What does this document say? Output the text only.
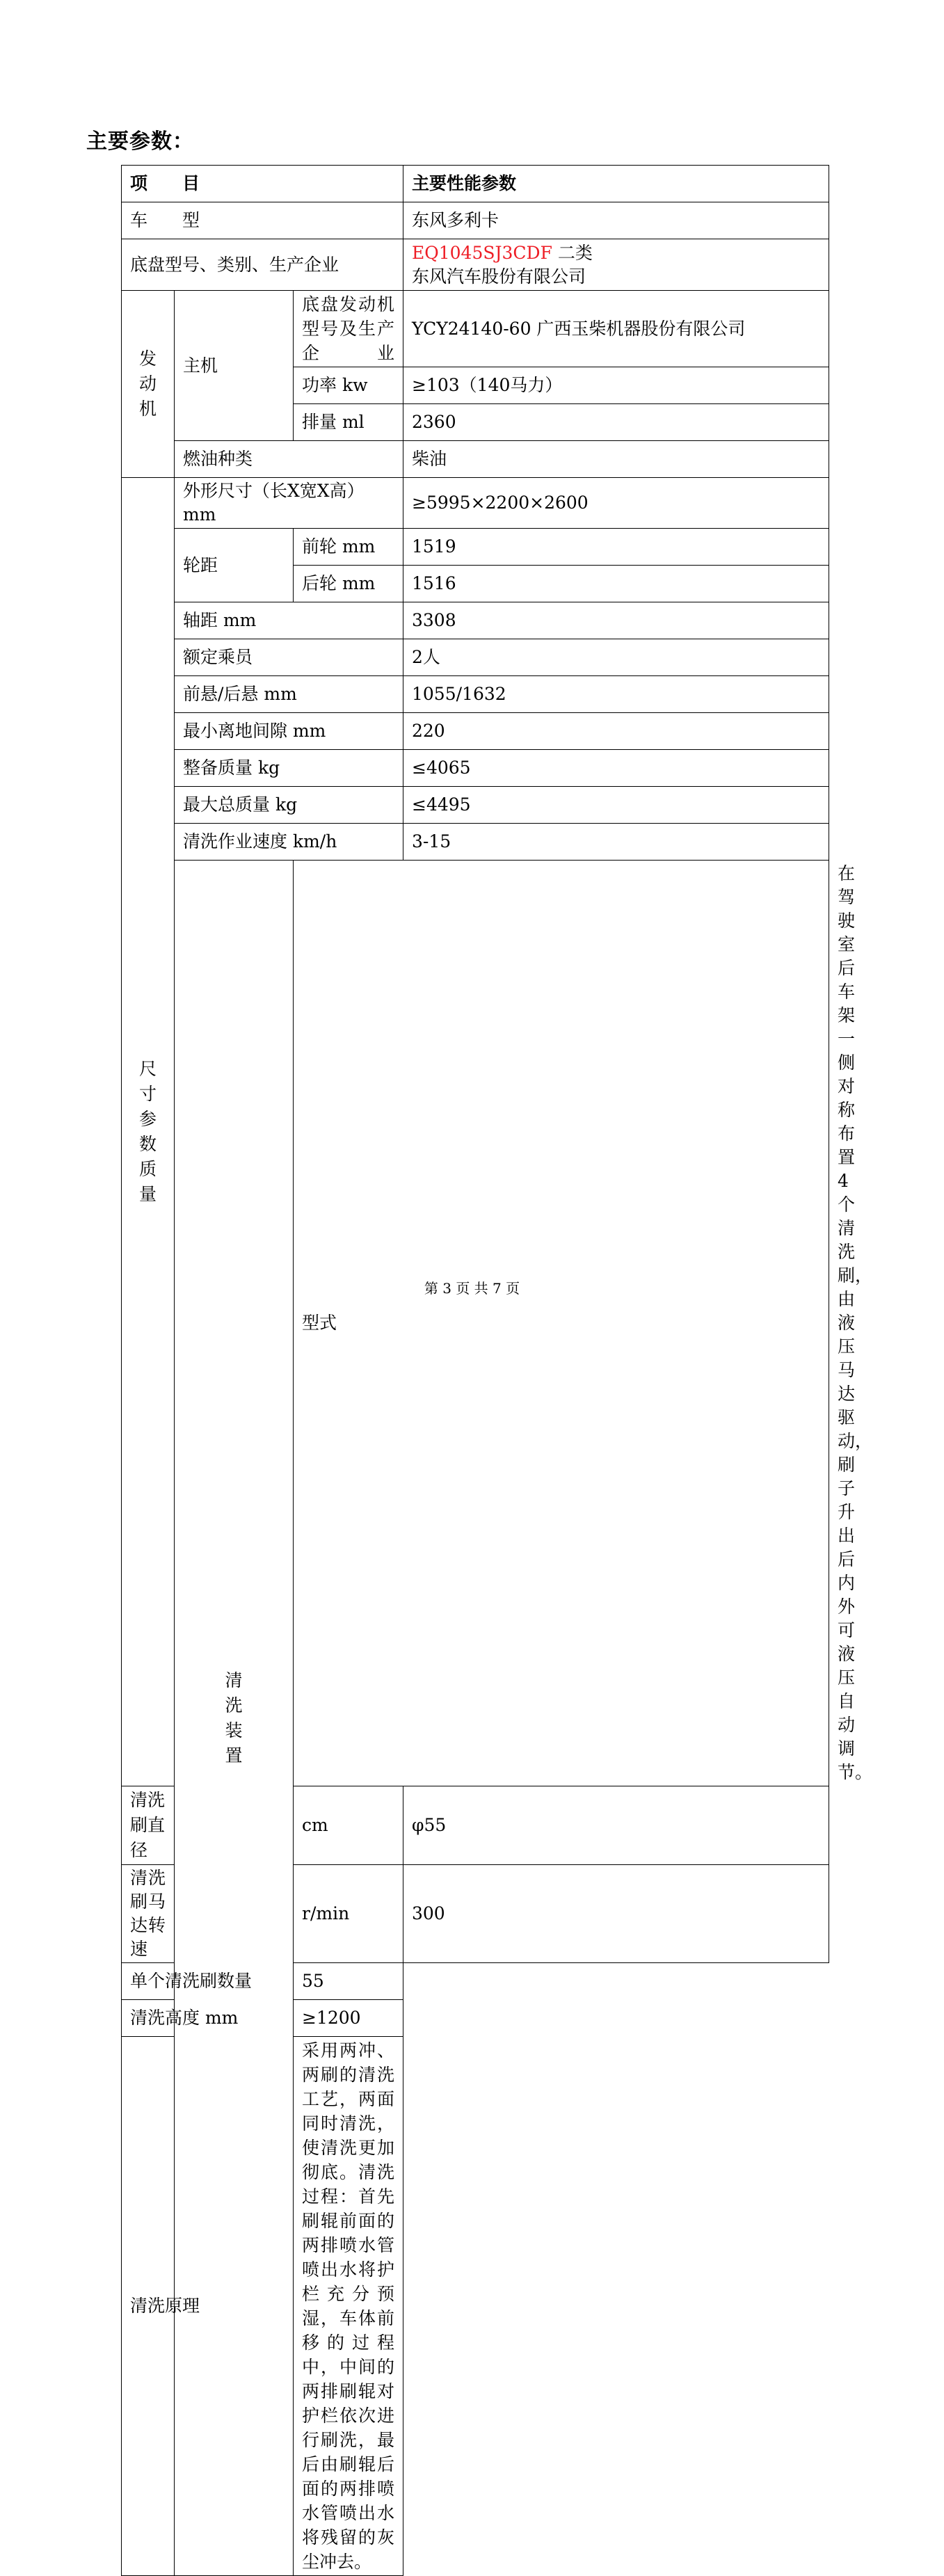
主要参数：
项　　目			主要性能参数	
车　　型			东风多利卡	
底盘型号、类别、生产企业			EQ1045SJ3CDF 二类
东风汽车股份有限公司	

发动机	主机	底盘发动机型号及生产企业	YCY24140-60 广西玉柴机器股份有限公司	
		功率 kw	≥103（140马力）	
		排量 ml	2360	
	燃油种类		柴油	

尺寸参数质量	外形尺寸（长X宽X高）mm		≥5995×2200×2600	
	轮距	前轮 mm	1519	
		后轮 mm	1516	
	轴距 mm		3308	
	额定乘员		2人	
	前悬/后悬 mm		1055/1632	
	最小离地间隙 mm		220	
	整备质量 kg		≤4065	
	最大总质量 kg		≤4495	
	清洗作业速度 km/h		3-15	

	清洗装置	型式		在驾驶室后车架一侧对称布置4个清洗刷，由液压马达驱动，刷子升出后内外可液压自动调节。
清洗刷直径		cm	φ55	
清洗刷马达转速		r/min	300	
单个清洗刷数量		55		
清洗高度 mm		≥1200		
清洗原理		采用两冲、两刷的清洗工艺，两面同时清洗，使清洗更加彻底。清洗过程：首先刷辊前面的两排喷水管喷出水将护栏充分预湿，车体前移的过程中，中间的两排刷辊对护栏依次进行刷洗，最后由刷辊后面的两排喷水管喷出水将残留的灰尘冲去。		
第 3 页 共 7 页
